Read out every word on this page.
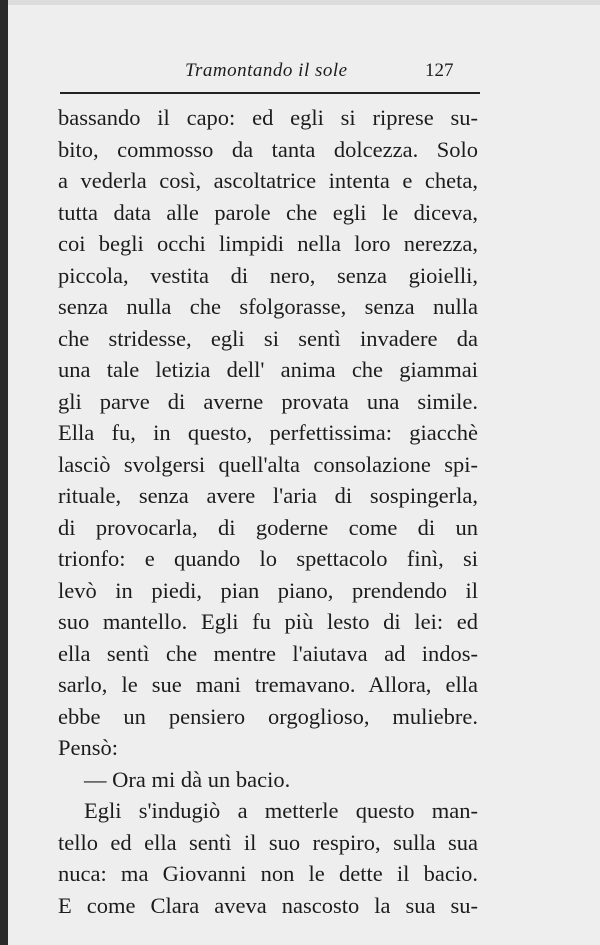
Tramontando il sole	127
bassando il capo: ed egli si riprese su-
bito, commosso da tanta dolcezza. Solo
a vederla così, ascoltatrice intenta e cheta,
tutta data alle parole che egli le diceva,
coi begli occhi limpidi nella loro nerezza,
piccola, vestita di nero, senza gioielli,
senza nulla che sfolgorasse, senza nulla
che stridesse, egli si sentì invadere da
una tale letizia dell' anima che giammai
gli parve di averne provata una simile.
Ella fu, in questo, perfettissima: giacchè
lasciò svolgersi quell'alta consolazione spi-
rituale, senza avere l'aria di sospingerla,
di provocarla, di goderne come di un
trionfo: e quando lo spettacolo finì, si
levò in piedi, pian piano, prendendo il
suo mantello. Egli fu più lesto di lei: ed
ella sentì che mentre l'aiutava ad indos-
sarlo, le sue mani tremavano. Allora, ella
ebbe un pensiero orgoglioso, muliebre.
Pensò:
— Ora mi dà un bacio.
Egli s'indugiò a metterle questo man-
tello ed ella sentì il suo respiro, sulla sua
nuca: ma Giovanni non le dette il bacio.
E come Clara aveva nascosto la sua su-
